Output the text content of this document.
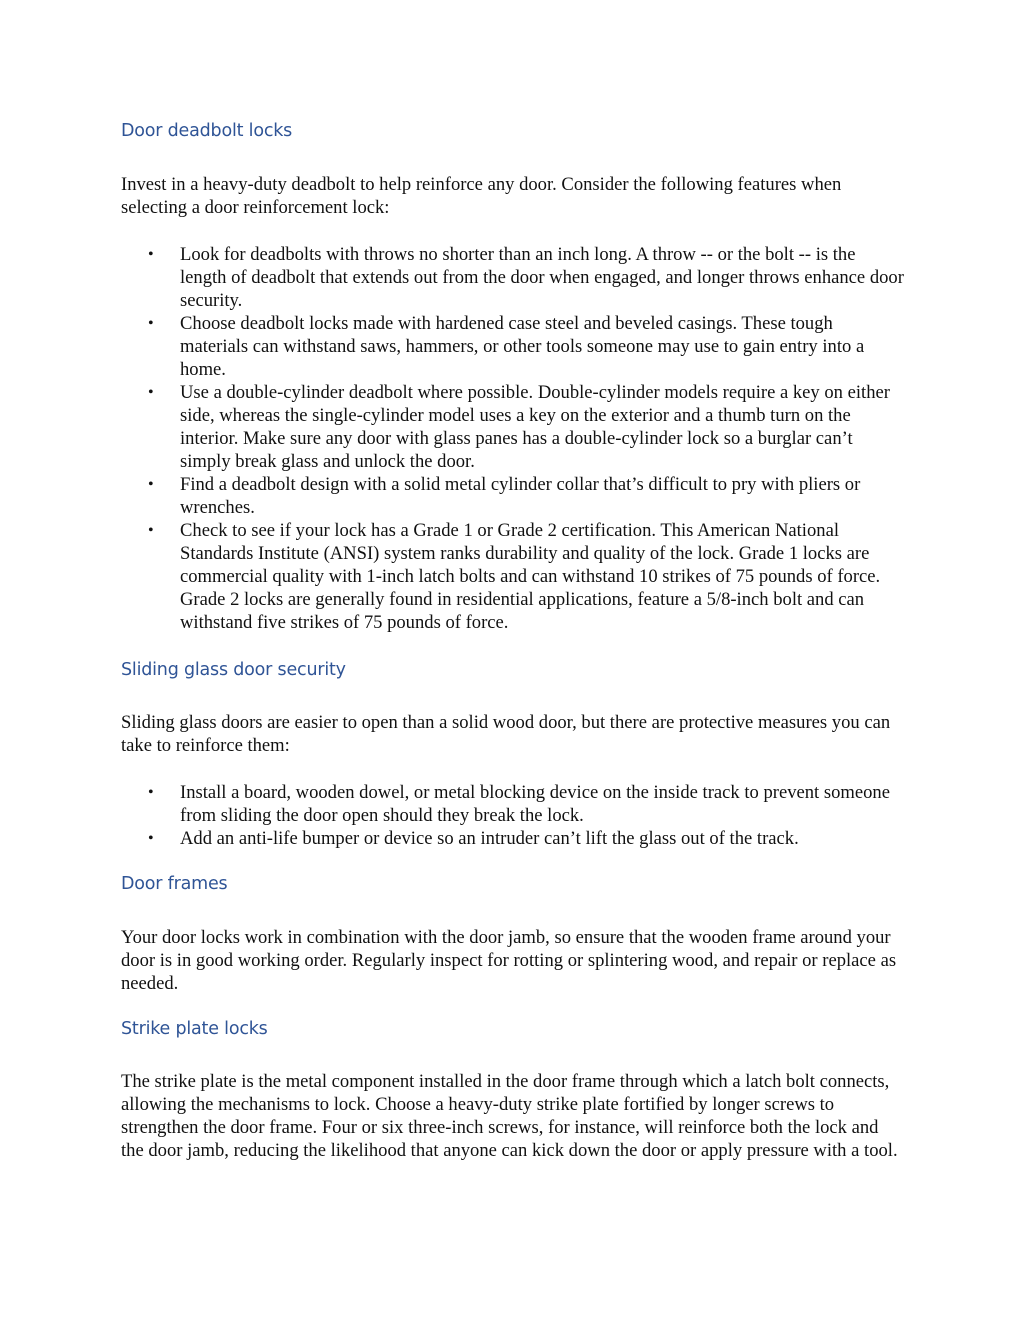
Door deadbolt locks

Invest in a heavy-duty deadbolt to help reinforce any door. Consider the following features when selecting a door reinforcement lock:

• Look for deadbolts with throws no shorter than an inch long. A throw -- or the bolt -- is the length of deadbolt that extends out from the door when engaged, and longer throws enhance door security.
• Choose deadbolt locks made with hardened case steel and beveled casings. These tough materials can withstand saws, hammers, or other tools someone may use to gain entry into a home.
• Use a double-cylinder deadbolt where possible. Double-cylinder models require a key on either side, whereas the single-cylinder model uses a key on the exterior and a thumb turn on the interior. Make sure any door with glass panes has a double-cylinder lock so a burglar can’t simply break glass and unlock the door.
• Find a deadbolt design with a solid metal cylinder collar that’s difficult to pry with pliers or wrenches.
• Check to see if your lock has a Grade 1 or Grade 2 certification. This American National Standards Institute (ANSI) system ranks durability and quality of the lock. Grade 1 locks are commercial quality with 1-inch latch bolts and can withstand 10 strikes of 75 pounds of force. Grade 2 locks are generally found in residential applications, feature a 5/8-inch bolt and can withstand five strikes of 75 pounds of force.
Sliding glass door security

Sliding glass doors are easier to open than a solid wood door, but there are protective measures you can take to reinforce them:

• Install a board, wooden dowel, or metal blocking device on the inside track to prevent someone from sliding the door open should they break the lock.
• Add an anti-life bumper or device so an intruder can’t lift the glass out of the track.
Door frames

Your door locks work in combination with the door jamb, so ensure that the wooden frame around your door is in good working order. Regularly inspect for rotting or splintering wood, and repair or replace as needed.

Strike plate locks

The strike plate is the metal component installed in the door frame through which a latch bolt connects, allowing the mechanisms to lock. Choose a heavy-duty strike plate fortified by longer screws to strengthen the door frame. Four or six three-inch screws, for instance, will reinforce both the lock and the door jamb, reducing the likelihood that anyone can kick down the door or apply pressure with a tool.
